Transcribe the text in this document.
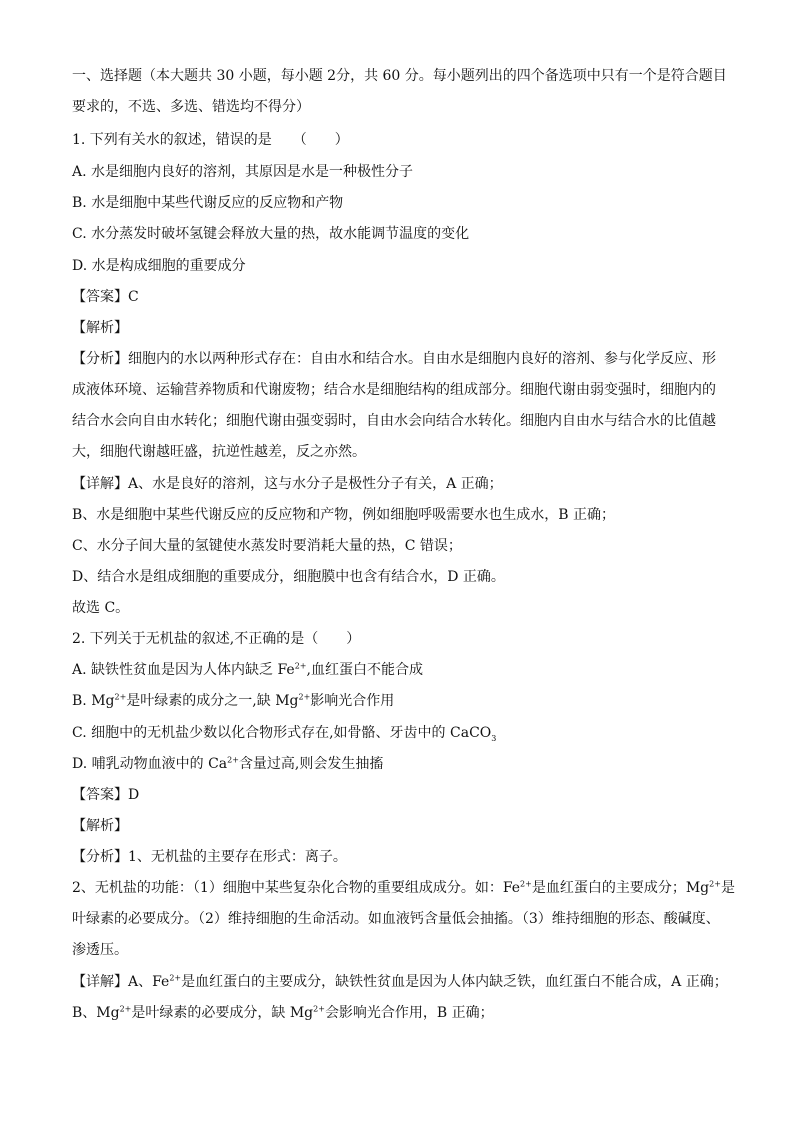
一、选择题（本大题共 30 小题，每小题 2分，共 60 分。每小题列出的四个备选项中只有一个是符合题目
要求的，不选、多选、错选均不得分）
1. 下列有关水的叙述，错误的是　　（　　）
A. 水是细胞内良好的溶剂，其原因是水是一种极性分子
B. 水是细胞中某些代谢反应的反应物和产物
C. 水分蒸发时破坏氢键会释放大量的热，故水能调节温度的变化
D. 水是构成细胞的重要成分
【答案】C
【解析】
【分析】细胞内的水以两种形式存在：自由水和结合水。自由水是细胞内良好的溶剂、参与化学反应、形
成液体环境、运输营养物质和代谢废物；结合水是细胞结构的组成部分。细胞代谢由弱变强时，细胞内的
结合水会向自由水转化；细胞代谢由强变弱时，自由水会向结合水转化。细胞内自由水与结合水的比值越
大，细胞代谢越旺盛，抗逆性越差，反之亦然。
【详解】A、水是良好的溶剂，这与水分子是极性分子有关，A 正确；
B、水是细胞中某些代谢反应的反应物和产物，例如细胞呼吸需要水也生成水，B 正确；
C、水分子间大量的氢键使水蒸发时要消耗大量的热，C 错误；
D、结合水是组成细胞的重要成分，细胞膜中也含有结合水，D 正确。
故选 C。
2. 下列关于无机盐的叙述,不正确的是（　　）
A. 缺铁性贫血是因为人体内缺乏 $Fe^{2+}$,血红蛋白不能合成
B. $Mg^{2+}$是叶绿素的成分之一,缺 $Mg^{2+}$影响光合作用
C. 细胞中的无机盐少数以化合物形式存在,如骨骼、牙齿中的 CaCO$_3$
D. 哺乳动物血液中的 $Ca^{2+}$含量过高,则会发生抽搐
【答案】D
【解析】
【分析】1、无机盐的主要存在形式：离子。
2、无机盐的功能：（1）细胞中某些复杂化合物的重要组成成分。如：$Fe^{2+}$是血红蛋白的主要成分；$Mg^{2+}$是
叶绿素的必要成分。（2）维持细胞的生命活动。如血液钙含量低会抽搐。（3）维持细胞的形态、酸碱度、
渗透压。
【详解】A、$Fe^{2+}$是血红蛋白的主要成分，缺铁性贫血是因为人体内缺乏铁，血红蛋白不能合成，A 正确；
B、$Mg^{2+}$是叶绿素的必要成分，缺 $Mg^{2+}$会影响光合作用，B 正确；
